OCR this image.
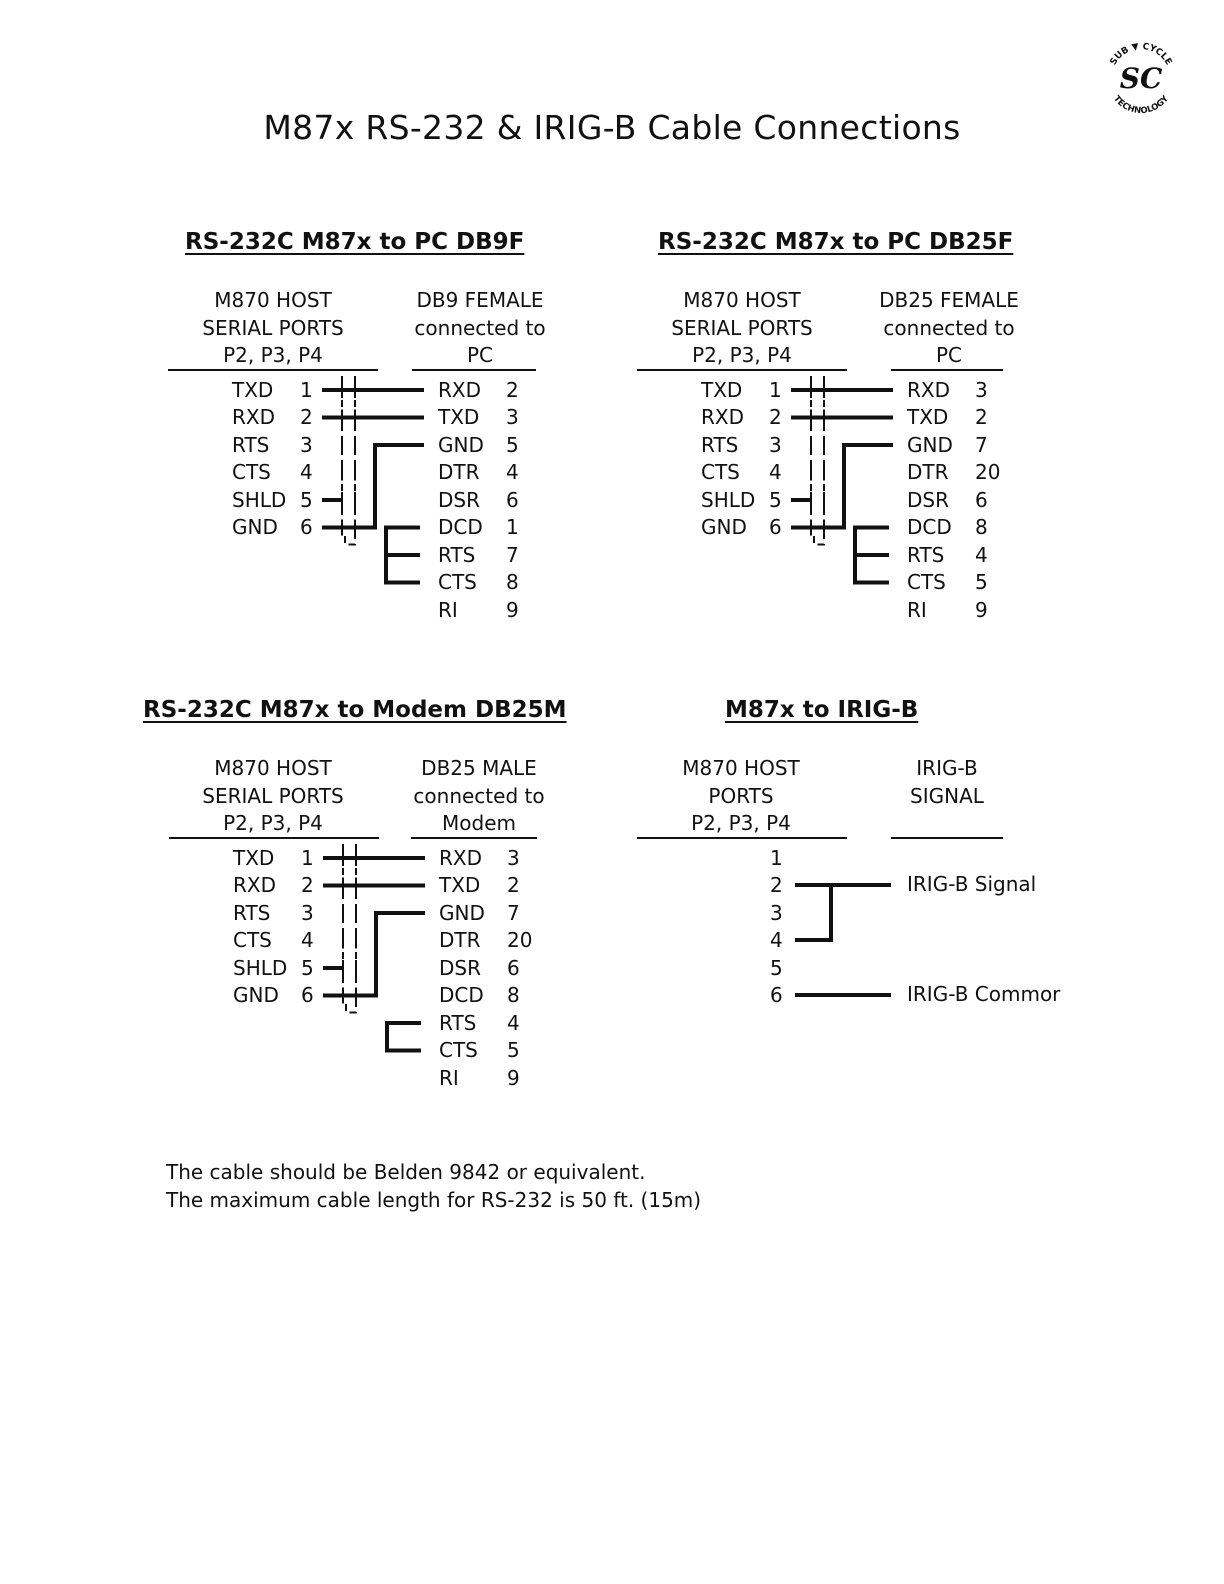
M87x RS-232 & IRIG-B Cable Connections
SUB ▼ CYCLE
TECHNOLOGY
SC
RS-232C M87x to PC DB9F
M870 HOST
SERIAL PORTS
P2, P3, P4
DB9 FEMALE
connected to
PC
TXD 1
RXD 2
RTS 3
CTS 4
SHLD 5
GND 6
RXD 2
TXD 3
GND 5
DTR 4
DSR 6
DCD 1
RTS 7
CTS 8
RI 9
RS-232C M87x to PC DB25F
M870 HOST
SERIAL PORTS
P2, P3, P4
DB25 FEMALE
connected to
PC
TXD 1
RXD 2
RTS 3
CTS 4
SHLD 5
GND 6
RXD 3
TXD 2
GND 7
DTR 20
DSR 6
DCD 8
RTS 4
CTS 5
RI 9
RS-232C M87x to Modem DB25M
M870 HOST
SERIAL PORTS
P2, P3, P4
DB25 MALE
connected to
Modem
TXD 1
RXD 2
RTS 3
CTS 4
SHLD 5
GND 6
RXD 3
TXD 2
GND 7
DTR 20
DSR 6
DCD 8
RTS 4
CTS 5
RI 9
M87x to IRIG-B
M870 HOST
PORTS
P2, P3, P4
IRIG-B
SIGNAL
1
2
3
4
5
6
IRIG-B Signal
IRIG-B Commor
The cable should be Belden 9842 or equivalent.
The maximum cable length for RS-232 is 50 ft. (15m)
